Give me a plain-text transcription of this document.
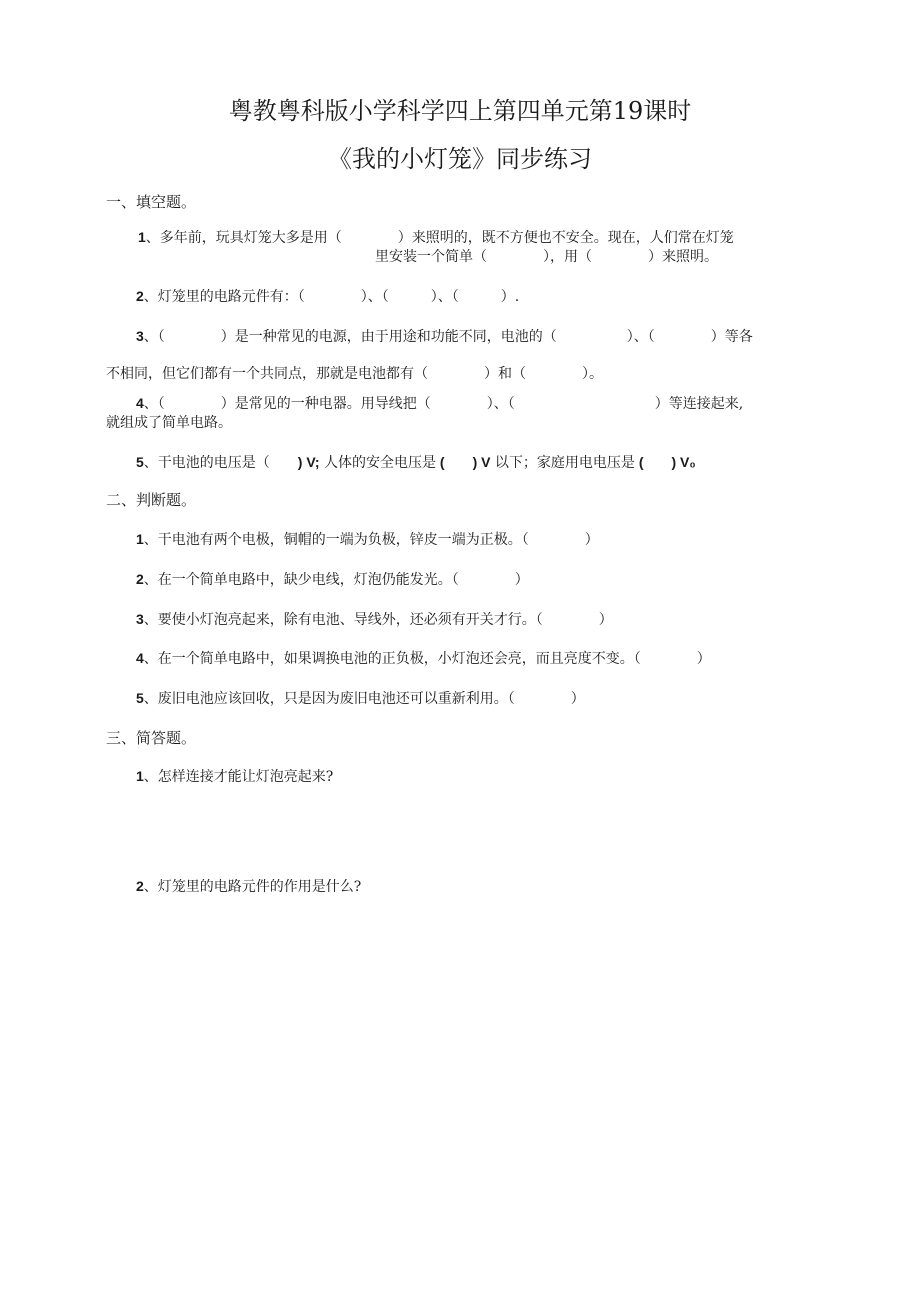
粤教粤科版小学科学四上第四单元第19课时
《我的小灯笼》同步练习
一、填空题。
1、多年前，玩具灯笼大多是用（　　　　）来照明的，既不方便也不安全。现在，人们常在灯笼
里安装一个简单（　　　　），用（　　　　）来照明。
2、灯笼里的电路元件有：（　　　　）、（　　　）、（　　　）.
3、（　　　　）是一种常见的电源，由于用途和功能不同，电池的（　　　　　）、（　　　　）等各
不相同，但它们都有一个共同点，那就是电池都有（　　　　）和（　　　　）。
4、（　　　　）是常见的一种电器。用导线把（　　　　）、（　　　　　　　　　　）等连接起来,
就组成了简单电路。
5、干电池的电压是（　　) V; 人体的安全电压是 (　　) V 以下；家庭用电电压是 (　　) V₀
二、判断题。
1、干电池有两个电极，铜帽的一端为负极，锌皮一端为正极。（　　　　）
2、在一个简单电路中，缺少电线，灯泡仍能发光。（　　　　）
3、要使小灯泡亮起来，除有电池、导线外，还必须有开关才行。（　　　　）
4、在一个简单电路中，如果调换电池的正负极，小灯泡还会亮，而且亮度不变。（　　　　）
5、废旧电池应该回收，只是因为废旧电池还可以重新利用。（　　　　）
三、简答题。
1、怎样连接才能让灯泡亮起来?
2、灯笼里的电路元件的作用是什么?
